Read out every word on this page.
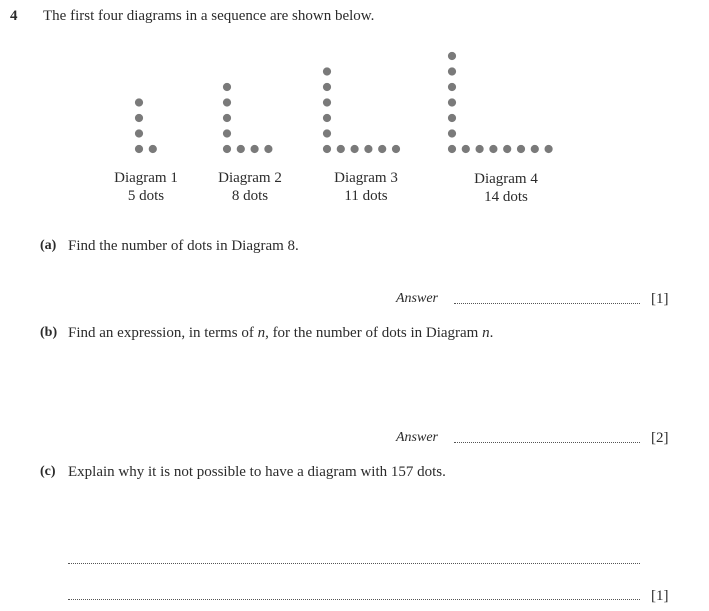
4 The first four diagrams in a sequence are shown below.
Diagram 1
5 dots
Diagram 2
8 dots
Diagram 3
11 dots
Diagram 4
14 dots
(a) Find the number of dots in Diagram 8.
Answer	[1]
(b) Find an expression, in terms of n, for the number of dots in Diagram n.
Answer	[2]
(c) Explain why it is not possible to have a diagram with 157 dots.
[1]
